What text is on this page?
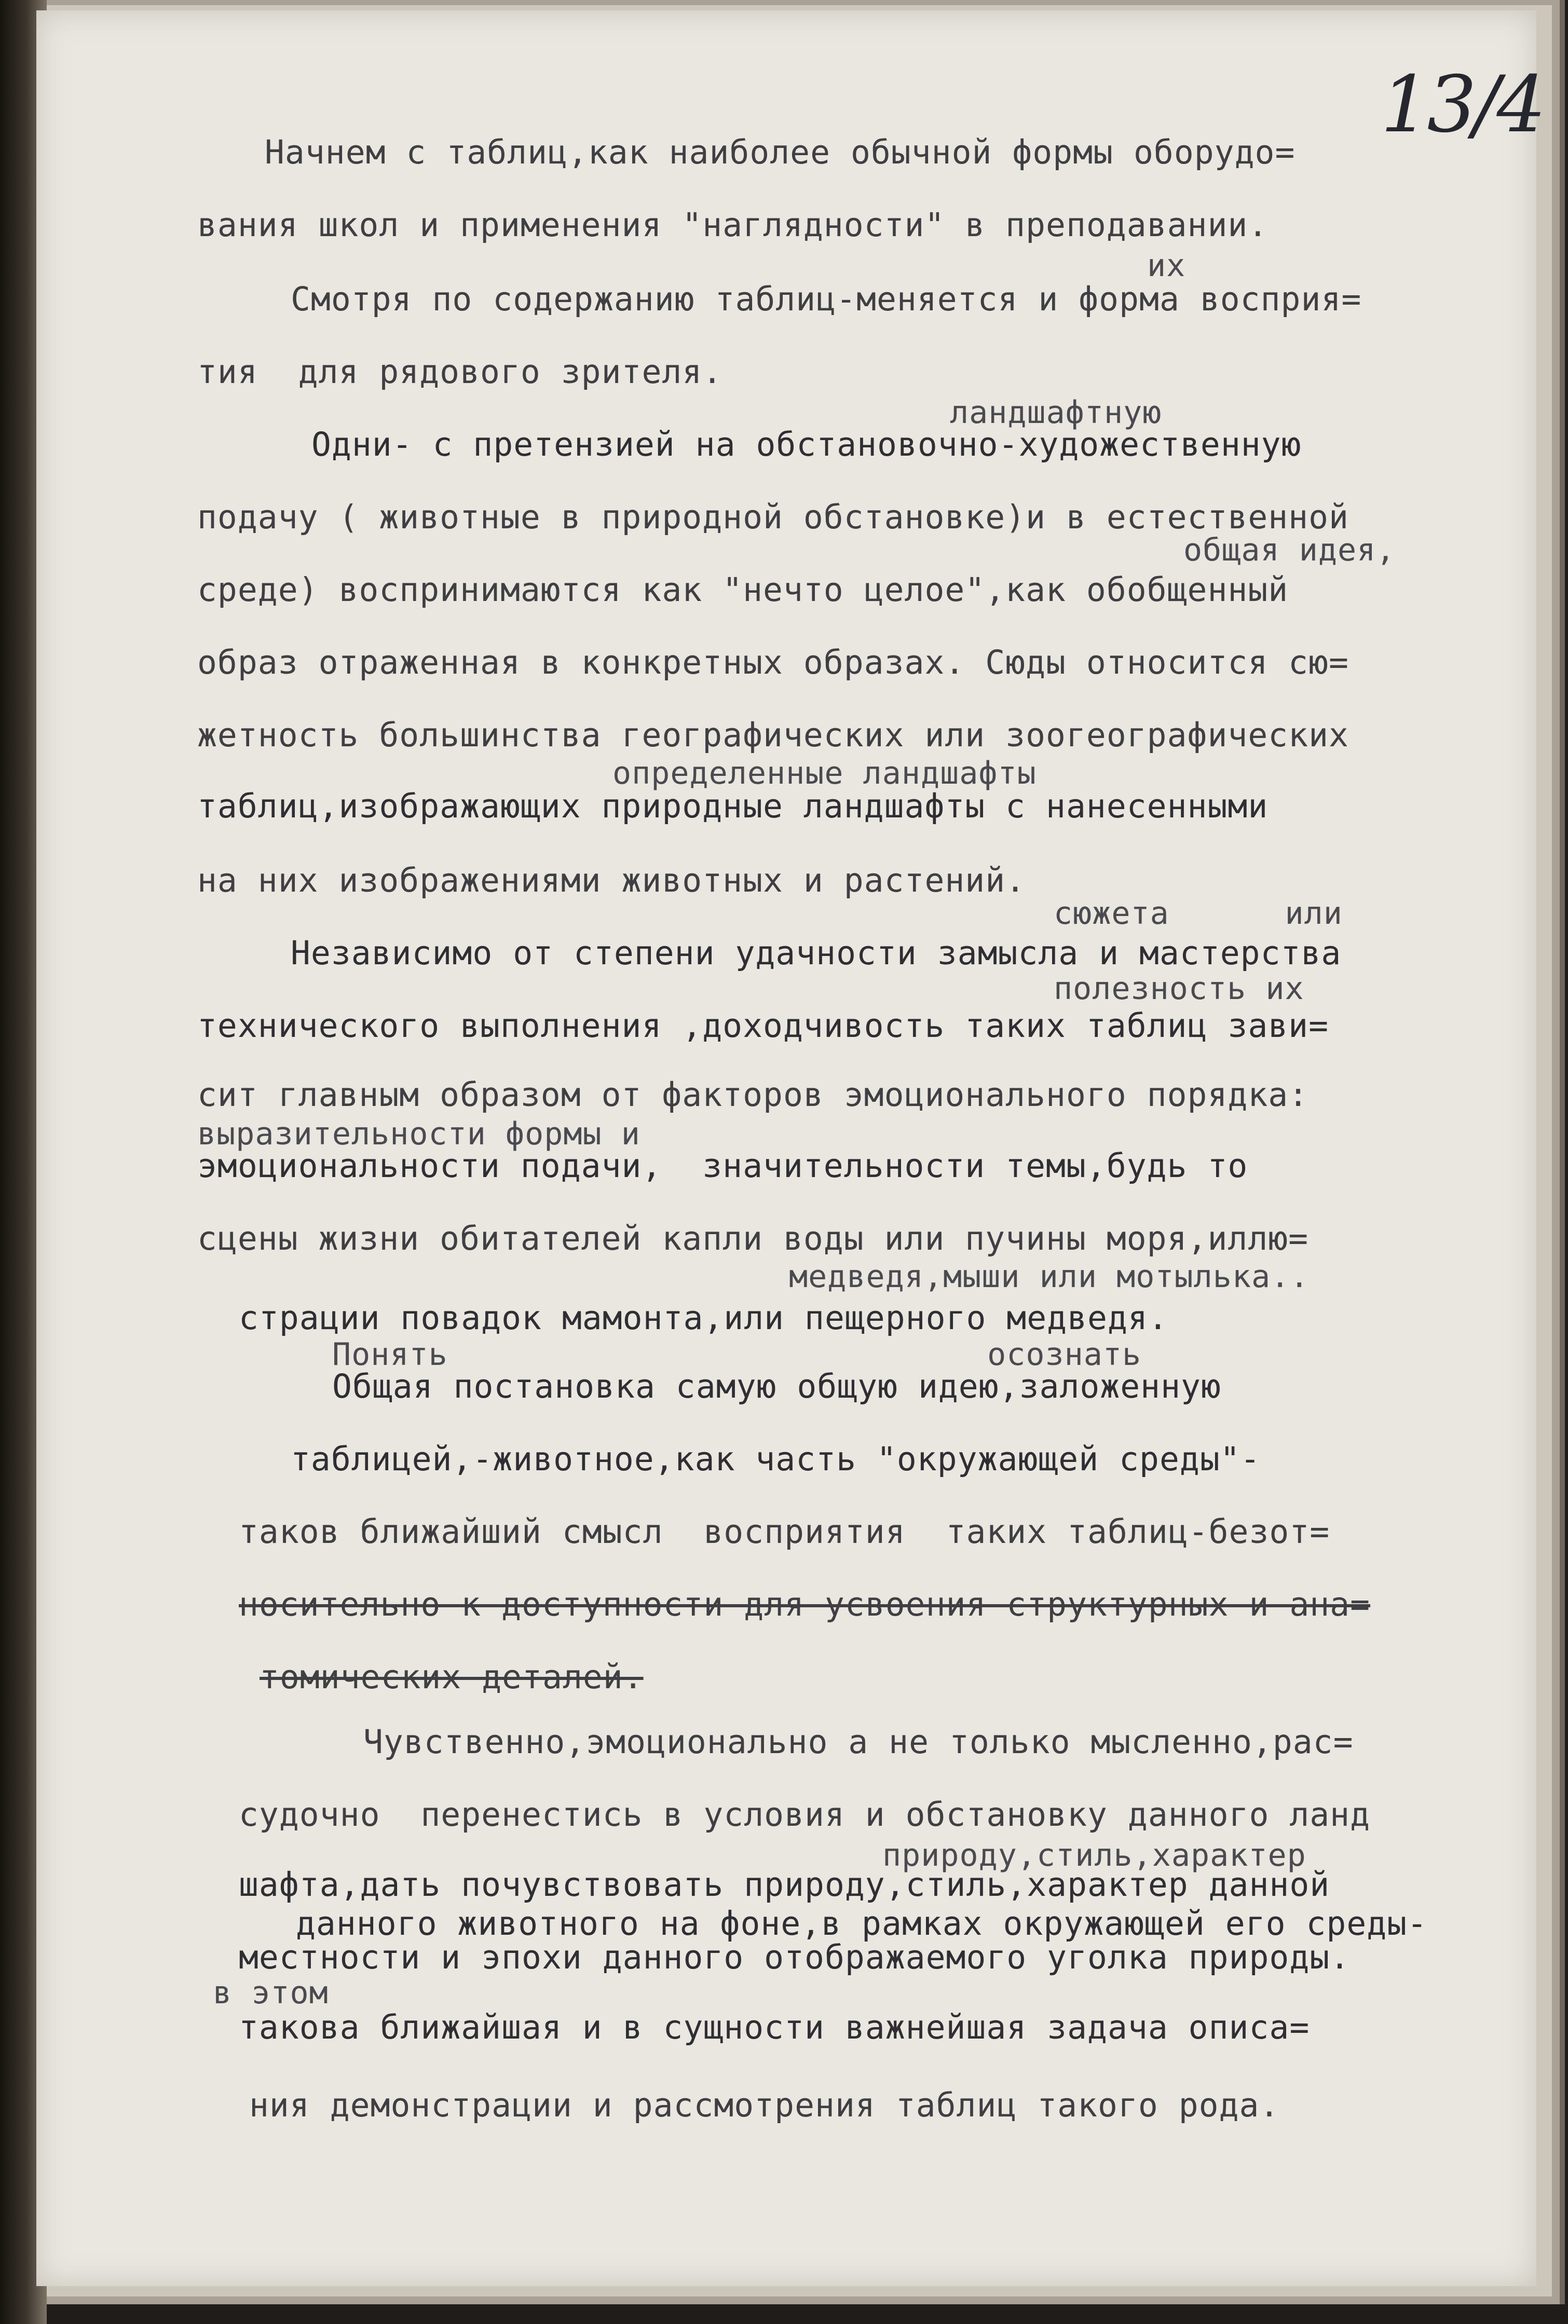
13/4
Начнем с таблиц,как наиболее обычной формы оборудо=
вания школ и применения "наглядности" в преподавании.
их
Смотря по содержанию таблиц-меняется и форма восприя=
тия  для рядового зрителя.
ландшафтную
Одни- с претензией на обстановочно-художественную
подачу ( животные в природной обстановке)и в естественной
общая идея,
среде) воспринимаются как "нечто целое",как обобщенный
образ отраженная в конкретных образах. Сюды относится сю=
жетность большинства географических или зоогеографических
определенные ландшафты
таблиц,изображающих природные ландшафты с нанесенными
на них изображениями животных и растений.
сюжета      или
Независимо от степени удачности замысла и мастерства
полезность их
технического выполнения ,доходчивость таких таблиц зави=
сит главным образом от факторов эмоционального порядка:
выразительности формы и
эмоциональности подачи,  значительности темы,будь то
сцены жизни обитателей капли воды или пучины моря,иллю=
медведя,мыши или мотылька..
страции повадок мамонта,или пещерного медведя.
Понять                            осознать
Общая постановка самую общую идею,заложенную
таблицей,-животное,как часть "окружающей среды"-
таков ближайший смысл  восприятия  таких таблиц-безот=
носительно к доступности для усвоения структурных и ана=
томических деталей.
Чувственно,эмоционально а не только мысленно,рас=
судочно  перенестись в условия и обстановку данного ланд
природу,стиль,характер
шафта,дать почувствовать природу,стиль,характер данной
данного животного на фоне,в рамках окружающей его среды-
местности и эпохи данного отображаемого уголка природы.
в этом
такова ближайшая и в сущности важнейшая задача описа=
ния демонстрации и рассмотрения таблиц такого рода.
